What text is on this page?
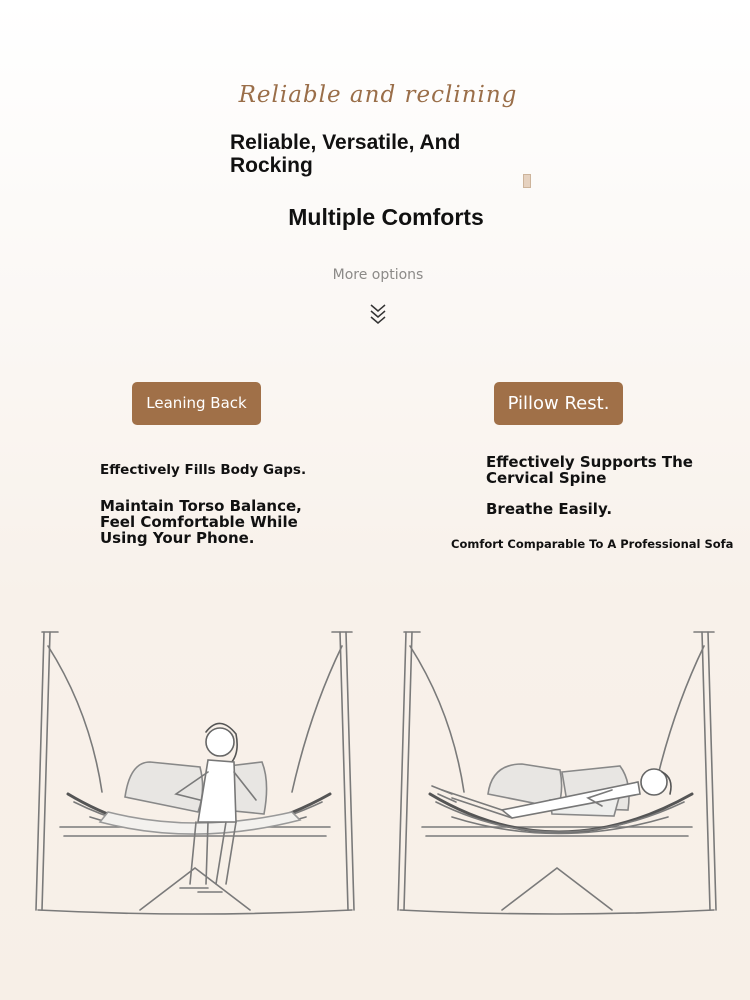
Reliable and reclining
Reliable, Versatile, And Rocking
Multiple Comforts
More options
Leaning Back	Pillow Rest.
Effectively Fills Body Gaps.
Maintain Torso Balance, Feel Comfortable While Using Your Phone.
Effectively Supports The Cervical Spine
Breathe Easily.
Comfort Comparable To A Professional Sofa
